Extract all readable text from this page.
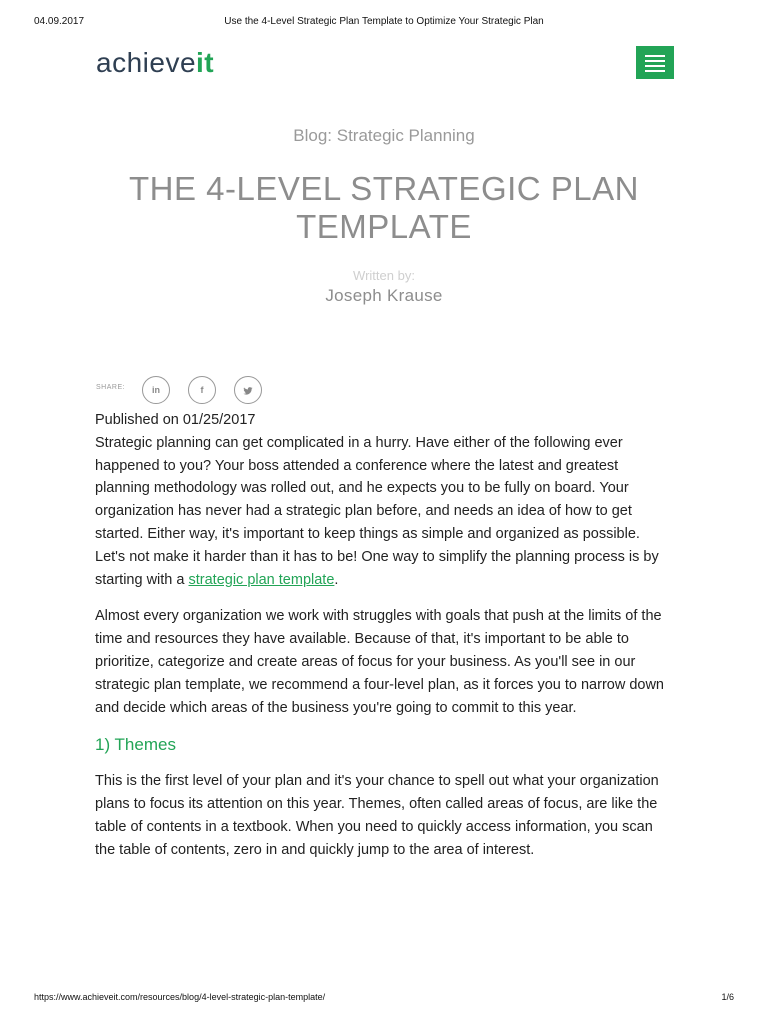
04.09.2017	Use the 4-Level Strategic Plan Template to Optimize Your Strategic Plan
achieveit
Blog: Strategic Planning
THE 4-LEVEL STRATEGIC PLAN TEMPLATE
Written by:
Joseph Krause
SHARE:	in	f

Published on 01/25/2017

Strategic planning can get complicated in a hurry. Have either of the following ever happened to you? Your boss attended a conference where the latest and greatest planning methodology was rolled out, and he expects you to be fully on board. Your organization has never had a strategic plan before, and needs an idea of how to get started. Either way, it's important to keep things as simple and organized as possible. Let's not make it harder than it has to be! One way to simplify the planning process is by starting with a strategic plan template.

Almost every organization we work with struggles with goals that push at the limits of the time and resources they have available. Because of that, it's important to be able to prioritize, categorize and create areas of focus for your business. As you'll see in our strategic plan template, we recommend a four-level plan, as it forces you to narrow down and decide which areas of the business you're going to commit to this year.

1) Themes

This is the first level of your plan and it's your chance to spell out what your organization plans to focus its attention on this year. Themes, often called areas of focus, are like the table of contents in a textbook. When you need to quickly access information, you scan the table of contents, zero in and quickly jump to the area of interest.

https://www.achieveit.com/resources/blog/4-level-strategic-plan-template/	1/6
